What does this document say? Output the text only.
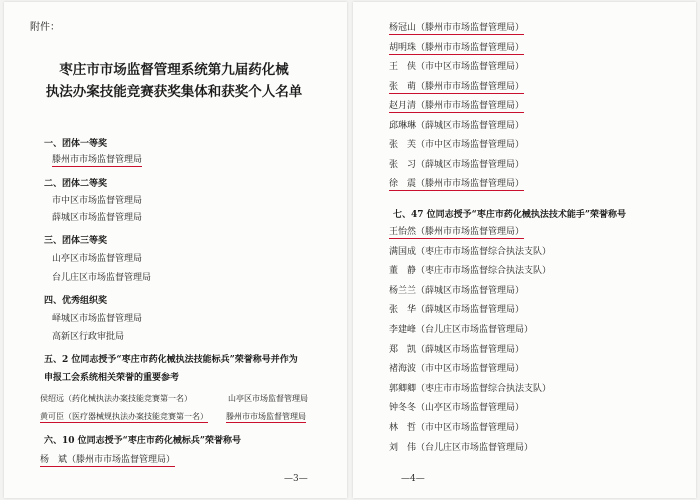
附件：
枣庄市市场监督管理系统第九届药化械
执法办案技能竞赛获奖集体和获奖个人名单
一、团体一等奖
滕州市市场监督管理局
二、团体二等奖
市中区市场监督管理局
薛城区市场监督管理局
三、团体三等奖
山亭区市场监督管理局
台儿庄区市场监督管理局
四、优秀组织奖
峄城区市场监督管理局
高新区行政审批局
五、2 位同志授予“枣庄市药化械执法技能标兵”荣誉称号并作为
申报工会系统相关荣誉的重要参考
侯绍远（药化械执法办案技能竞赛第一名）	山亭区市场监督管理局
黄可臣（医疗器械规执法办案技能竞赛第一名） 滕州市市场监督管理局
六、10 位同志授予“枣庄市药化械标兵”荣誉称号
杨　斌（滕州市市场监督管理局）
—3—
杨冠山（滕州市市场监督管理局）
胡明珠（滕州市市场监督管理局）
王　侠（市中区市场监督管理局）
张　萌（滕州市市场监督管理局）
赵月清（滕州市市场监督管理局）
邱琳琳（薛城区市场监督管理局）
张　芙（市中区市场监督管理局）
张　习（薛城区市场监督管理局）
徐　震（滕州市市场监督管理局）
七、47 位同志授予“枣庄市药化械执法技术能手”荣誉称号
王怡然（滕州市市场监督管理局）
满国成（枣庄市市场监督综合执法支队）
董　静（枣庄市市场监督综合执法支队）
杨兰兰（薛城区市场监督管理局）
张　华（薛城区市场监督管理局）
李建峰（台儿庄区市场监督管理局）
郑　凯（薛城区市场监督管理局）
褚海波（市中区市场监督管理局）
郭卿卿（枣庄市市场监督综合执法支队）
钟冬冬（山亭区市场监督管理局）
林　哲（市中区市场监督管理局）
刘　伟（台儿庄区市场监督管理局）
—4—
